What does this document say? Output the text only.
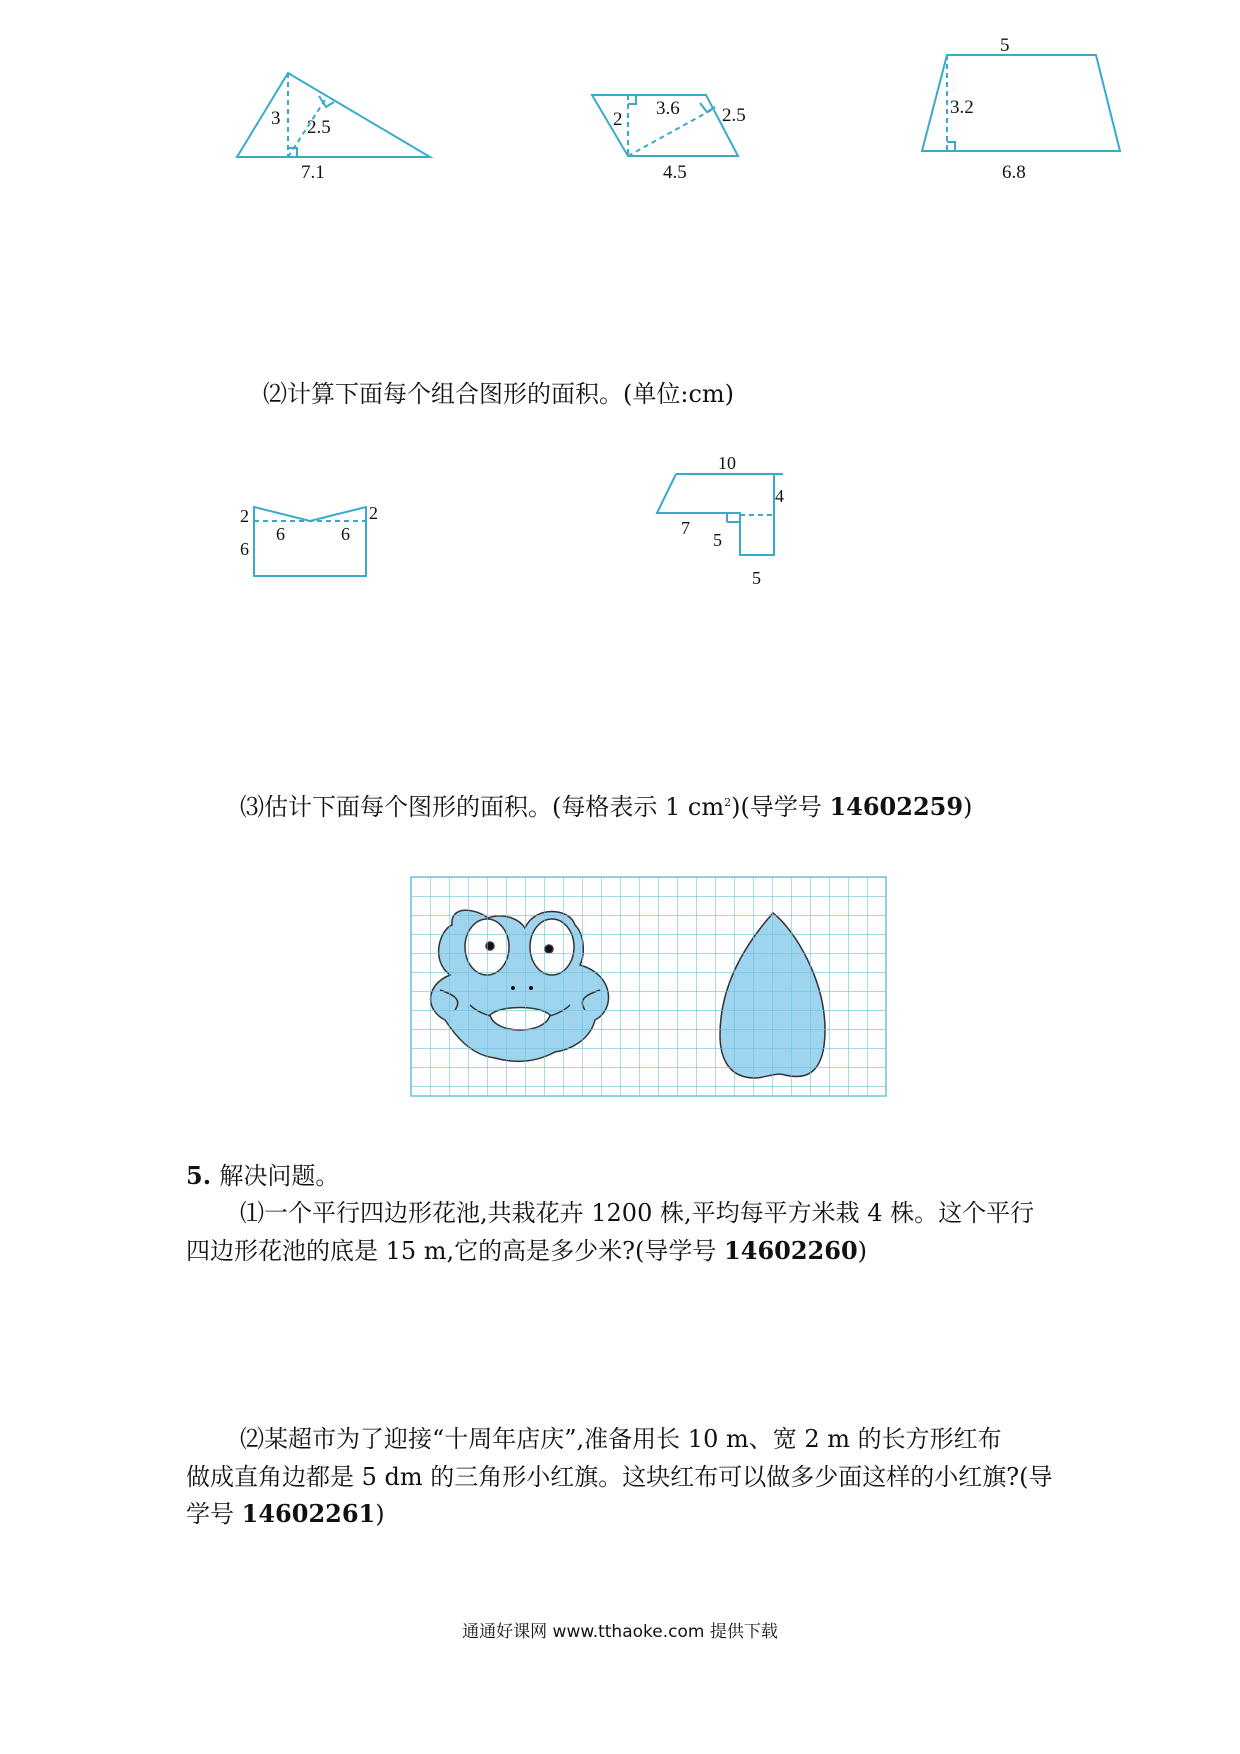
3 2.5
7.1
2
3.6 2.5
4.5
5
3.2
6.8
⑵计算下面每个组合图形的面积。(单位:cm)
2	2
6
6	6
10
4
7
5
5
⑶估计下面每个图形的面积。(每格表示 1 $cm^2$)(导学号 14602259)
5. 解决问题。
⑴一个平行四边形花池,共栽花卉 1200 株,平均每平方米栽 4 株。这个平行
四边形花池的底是 15 m,它的高是多少米?(导学号 14602260)
⑵某超市为了迎接“十周年店庆”,准备用长 10 m、宽 2 m 的长方形红布
做成直角边都是 5 dm 的三角形小红旗。这块红布可以做多少面这样的小红旗?(导
学号 14602261)
通通好课网 www.tthaoke.com 提供下载
